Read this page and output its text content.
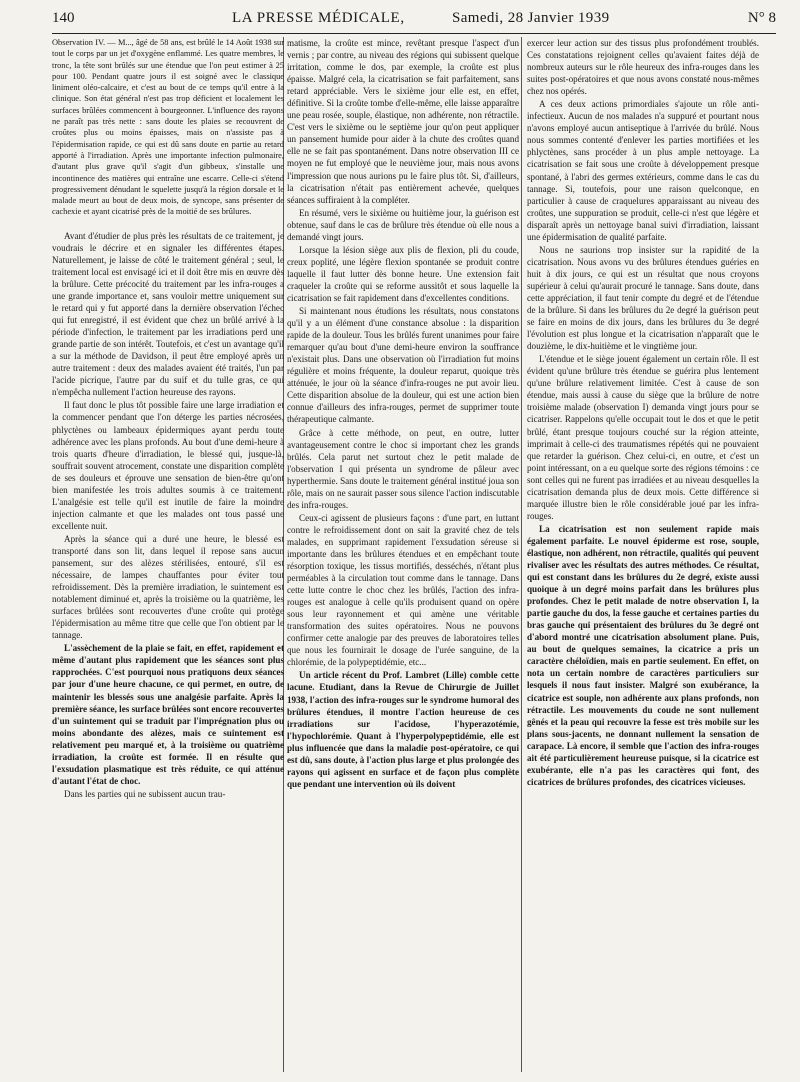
140	LA PRESSE MÉDICALE,	Samedi, 28 Janvier 1939	N° 8

Observation IV. — M..., âgé de 58 ans, est brûlé le 14 Août 1938 sur tout le corps par un jet d'oxygène enflammé. Les quatre membres, le tronc, la tête sont brûlés sur une étendue que l'on peut estimer à 25 pour 100. Pendant quatre jours il est soigné avec le classique liniment oléo-calcaire, et c'est au bout de ce temps qu'il entre à la clinique. Son état général n'est pas trop déficient et localement les surfaces brûlées commencent à bourgeonner. L'influence des rayons ne paraît pas très nette : sans doute les plaies se recouvrent de croûtes plus ou moins épaisses, mais on n'assiste pas à l'épidermisation rapide, ce qui est dû sans doute en partie au retard apporté à l'irradiation. Après une importante infection pulmonaire, d'autant plus grave qu'il s'agit d'un gibbeux, s'installe une incontinence des matières qui entraîne une escarre. Celle-ci s'étend progressivement dénudant le squelette jusqu'à la région dorsale et le malade meurt au bout de deux mois, de syncope, sans présenter de cachexie et ayant cicatrisé près de la moitié de ses brûlures.

Avant d'étudier de plus près les résultats de ce traitement, je voudrais le décrire et en signaler les différentes étapes. Naturellement, je laisse de côté le traitement général ; seul, le traitement local est envisagé ici et il doit être mis en œuvre dès la brûlure. Cette précocité du traitement par les infra-rouges a une grande importance et, sans vouloir mettre uniquement sur le retard qui y fut apporté dans la dernière observation l'échec qui fut enregistré, il est évident que chez un brûlé arrivé à la période d'infection, le traitement par les irradiations perd une grande partie de son intérêt. Toutefois, et c'est un avantage qu'il a sur la méthode de Davidson, il peut être employé après un autre traitement : deux des malades avaient été traités, l'un par l'acide picrique, l'autre par du suif et du tulle gras, ce qui n'empêcha nullement l'action heureuse des rayons.

Il faut donc le plus tôt possible faire une large irradiation et la commencer pendant que l'on déterge les parties nécrosées, phlyctènes ou lambeaux épidermiques ayant perdu toute adhérence avec les plans profonds. Au bout d'une demi-heure à trois quarts d'heure d'irradiation, le blessé qui, jusque-là, souffrait souvent atrocement, constate une disparition complète de ses douleurs et éprouve une sensation de bien-être qu'ont bien manifestée les trois adultes soumis à ce traitement. L'analgésie est telle qu'il est inutile de faire la moindre injection calmante et que les malades ont tous passé une excellente nuit.

Après la séance qui a duré une heure, le blessé est transporté dans son lit, dans lequel il repose sans aucun pansement, sur des alèzes stérilisées, entouré, s'il est nécessaire, de lampes chauffantes pour éviter tout refroidissement. Dès la première irradiation, le suintement est notablement diminué et, après la troisième ou la quatrième, les surfaces brûlées sont recouvertes d'une croûte qui protège l'épidermisation au même titre que celle que l'on obtient par le tannage.

L'assèchement de la plaie se fait, en effet, rapidement et même d'autant plus rapidement que les séances sont plus rapprochées. C'est pourquoi nous pratiquons deux séances par jour d'une heure chacune, ce qui permet, en outre, de maintenir les blessés sous une analgésie parfaite. Après la première séance, les surface brûlées sont encore recouvertes d'un suintement qui se traduit par l'imprégnation plus ou moins abondante des alèzes, mais ce suintement est relativement peu marqué et, à la troisième ou quatrième irradiation, la croûte est formée. Il en résulte que l'exsudation plasmatique est très réduite, ce qui atténue d'autant l'état de choc.

Dans les parties qui ne subissent aucun trau-

matisme, la croûte est mince, revêtant presque l'aspect d'un vernis ; par contre, au niveau des régions qui subissent quelque irritation, comme le dos, par exemple, la croûte est plus épaisse. Malgré cela, la cicatrisation se fait parfaitement, sans retard appréciable. Vers le sixième jour elle est, en effet, définitive. Si la croûte tombe d'elle-même, elle laisse apparaître une peau rosée, souple, élastique, non adhérente, non rétractile. C'est vers le sixième ou le septième jour qu'on peut appliquer un pansement humide pour aider à la chute des croûtes quand elle ne se fait pas spontanément. Dans notre observation III ce moyen ne fut employé que le neuvième jour, mais nous avons l'impression que nous aurions pu le faire plus tôt. Si, d'ailleurs, la cicatrisation n'était pas entièrement achevée, quelques séances suffiraient à la compléter.

En résumé, vers le sixième ou huitième jour, la guérison est obtenue, sauf dans le cas de brûlure très étendue où elle nous a demandé vingt jours.

Lorsque la lésion siège aux plis de flexion, pli du coude, creux poplité, une légère flexion spontanée se produit contre laquelle il faut lutter dès bonne heure. Une extension fait craqueler la croûte qui se reforme aussitôt et sous laquelle la cicatrisation se fait rapidement dans d'excellentes conditions.

Si maintenant nous étudions les résultats, nous constatons qu'il y a un élément d'une constance absolue : la disparition rapide de la douleur. Tous les brûlés furent unanimes pour faire remarquer qu'au bout d'une demi-heure environ la souffrance n'existait plus. Dans une observation où l'irradiation fut moins régulière et moins fréquente, la douleur reparut, quoique très atténuée, le jour où la séance d'infra-rouges ne put avoir lieu. Cette disparition absolue de la douleur, qui est une action bien connue d'ailleurs des infra-rouges, permet de supprimer toute thérapeutique calmante.

Grâce à cette méthode, on peut, en outre, lutter avantageusement contre le choc si important chez les grands brûlés. Cela parut net surtout chez le petit malade de l'observation I qui présenta un syndrome de pâleur avec hyperthermie. Sans doute le traitement général institué joua son rôle, mais on ne saurait passer sous silence l'action indiscutable des infra-rouges.

Ceux-ci agissent de plusieurs façons : d'une part, en luttant contre le refroidissement dont on sait la gravité chez de tels malades, en supprimant rapidement l'exsudation séreuse si importante dans les brûlures étendues et en empêchant toute résorption toxique, les tissus mortifiés, desséchés, n'étant plus perméables à la circulation tout comme dans le tannage. Dans cette lutte contre le choc chez les brûlés, l'action des infra-rouges est analogue à celle qu'ils produisent quand on opère sous leur rayonnement et qui amène une véritable transformation des suites opératoires. Nous ne pouvons confirmer cette analogie par des preuves de laboratoires telles que nous les fournirait le dosage de l'urée sanguine, de la chlorémie, de la polypeptidémie, etc...

Un article récent du Prof. Lambret (Lille) comble cette lacune. Etudiant, dans la Revue de Chirurgie de Juillet 1938, l'action des infra-rouges sur le syndrome humoral des brûlures étendues, il montre l'action heureuse de ces irradiations sur l'acidose, l'hyperazotémie, l'hypochlorémie. Quant à l'hyperpolypeptidémie, elle est plus influencée que dans la maladie post-opératoire, ce qui est dû, sans doute, à l'action plus large et plus prolongée des rayons qui agissent en surface et de façon plus complète que pendant une intervention où ils doivent

exercer leur action sur des tissus plus profondément troublés. Ces constatations rejoignent celles qu'avaient faites déjà de nombreux auteurs sur le rôle heureux des infra-rouges dans les suites post-opératoires et que nous avons constaté nous-mêmes chez nos opérés.

A ces deux actions primordiales s'ajoute un rôle anti-infectieux. Aucun de nos malades n'a suppuré et pourtant nous n'avons employé aucun antiseptique à l'arrivée du brûlé. Nous nous sommes contenté d'enlever les parties mortifiées et les phlyctènes, sans procéder à un plus ample nettoyage. La cicatrisation se fait sous une croûte à développement presque spontané, à l'abri des germes extérieurs, comme dans le cas du tannage. Si, toutefois, pour une raison quelconque, en particulier à cause de craquelures apparaissant au niveau des croûtes, une suppuration se produit, celle-ci n'est que légère et disparaît après un nettoyage banal suivi d'irradiation, laissant une épidermisation de qualité parfaite.

Nous ne saurions trop insister sur la rapidité de la cicatrisation. Nous avons vu des brûlures étendues guéries en huit à dix jours, ce qui est un résultat que nous croyons supérieur à celui qu'aurait procuré le tannage. Sans doute, dans cette appréciation, il faut tenir compte du degré et de l'étendue de la brûlure. Si dans les brûlures du 2e degré la guérison peut se faire en moins de dix jours, dans les brûlures du 3e degré l'évolution est plus longue et la cicatrisation n'apparaît que le douzième, le dix-huitième et le vingtième jour.

L'étendue et le siège jouent également un certain rôle. Il est évident qu'une brûlure très étendue se guérira plus lentement qu'une brûlure relativement limitée. C'est à cause de son étendue, mais aussi à cause du siège que la brûlure de notre troisième malade (observation I) demanda vingt jours pour se cicatriser. Rappelons qu'elle occupait tout le dos et que le petit brûlé, étant presque toujours couché sur la région atteinte, imprimait à celle-ci des traumatismes répétés qui ne pouvaient que retarder la guérison. Chez celui-ci, en outre, et c'est un point intéressant, on a eu quelque sorte des régions témoins : ce sont celles qui ne furent pas irradiées et au niveau desquelles la cicatrisation demanda plus de deux mois. Cette différence si marquée illustre bien le rôle considérable joué par les infra-rouges.

La cicatrisation est non seulement rapide mais également parfaite. Le nouvel épiderme est rose, souple, élastique, non adhérent, non rétractile, qualités qui peuvent rivaliser avec les résultats des autres méthodes. Ce résultat, qui est constant dans les brûlures du 2e degré, existe aussi quoique à un degré moins parfait dans les brûlures plus profondes. Chez le petit malade de notre observation I, la partie gauche du dos, la fesse gauche et certaines parties du bras gauche qui présentaient des brûlures du 3e degré ont d'abord montré une cicatrisation absolument plane. Puis, au bout de quelques semaines, la cicatrice a pris un caractère chéloïdien, mais en partie seulement. En effet, on nota un certain nombre de caractères particuliers sur lesquels il nous faut insister. Malgré son exubérance, la cicatrice est souple, non adhérente aux plans profonds, non rétractile. Les mouvements du coude ne sont nullement gênés et la peau qui recouvre la fesse est très mobile sur les plans sous-jacents, ne donnant nullement la sensation de carapace. Là encore, il semble que l'action des infra-rouges ait été particulièrement heureuse puisque, si la cicatrice est exubérante, elle n'a pas les caractères qui font, des cicatrices de brûlures profondes, des cicatrices vicieuses.
